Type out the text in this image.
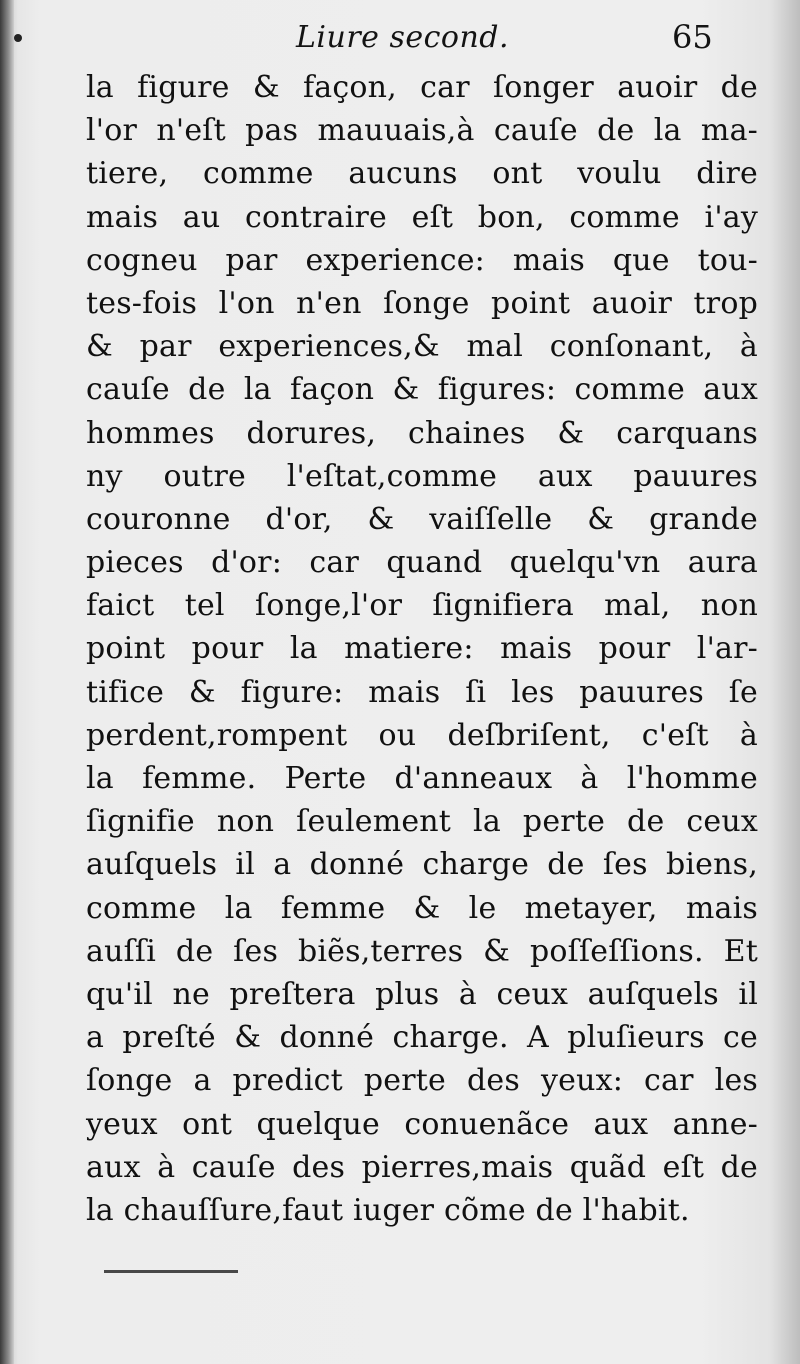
Liure second.	65
la figure & façon, car ſonger auoir de
l'or n'eſt pas mauuais,à cauſe de la ma-
tiere, comme aucuns ont voulu dire
mais au contraire eſt bon, comme i'ay
cogneu par experience: mais que tou-
tes-fois l'on n'en ſonge point auoir trop
& par experiences,& mal conſonant, à
cauſe de la façon & figures: comme aux
hommes dorures, chaines & carquans
ny outre l'eſtat,comme aux pauures
couronne d'or, & vaiſſelle & grande
pieces d'or: car quand quelqu'vn aura
faict tel ſonge,l'or ſignifiera mal, non
point pour la matiere: mais pour l'ar-
tifice & figure: mais ſi les pauures ſe
perdent,rompent ou deſbriſent, c'eſt à
la femme. Perte d'anneaux à l'homme
ſignifie non ſeulement la perte de ceux
auſquels il a donné charge de ſes biens,
comme la femme & le metayer, mais
auſſi de ſes biẽs,terres & poſſeſſions. Et
qu'il ne preſtera plus à ceux auſquels il
a preſté & donné charge. A pluſieurs ce
ſonge a predict perte des yeux: car les
yeux ont quelque conuenãce aux anne-
aux à cauſe des pierres,mais quãd eſt de
la chauſſure,faut iuger cõme de l'habit.
